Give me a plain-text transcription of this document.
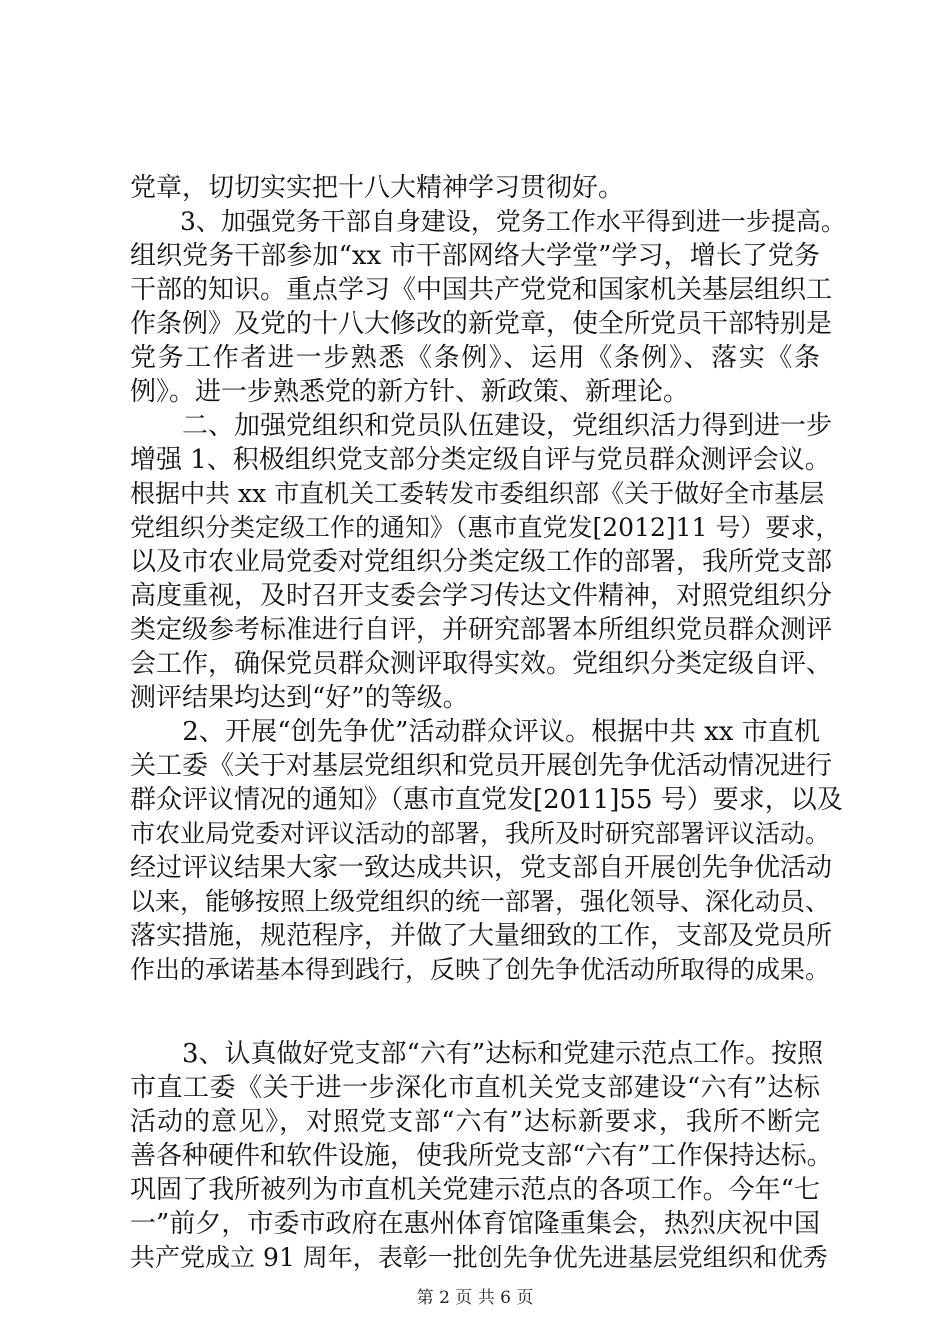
党章，切切实实把十八大精神学习贯彻好。
　　3、加强党务干部自身建设，党务工作水平得到进一步提高。
组织党务干部参加“xx 市干部网络大学堂”学习，增长了党务
干部的知识。重点学习《中国共产党党和国家机关基层组织工
作条例》及党的十八大修改的新党章，使全所党员干部特别是
党务工作者进一步熟悉《条例》、运用《条例》、落实《条
例》。进一步熟悉党的新方针、新政策、新理论。
　　二、加强党组织和党员队伍建设，党组织活力得到进一步
增强 1、积极组织党支部分类定级自评与党员群众测评会议。
根据中共 xx 市直机关工委转发市委组织部《关于做好全市基层
党组织分类定级工作的通知》（惠市直党发[2012]11 号）要求，
以及市农业局党委对党组织分类定级工作的部署，我所党支部
高度重视，及时召开支委会学习传达文件精神，对照党组织分
类定级参考标准进行自评，并研究部署本所组织党员群众测评
会工作，确保党员群众测评取得实效。党组织分类定级自评、
测评结果均达到“好”的等级。
　　2、开展“创先争优”活动群众评议。根据中共 xx 市直机
关工委《关于对基层党组织和党员开展创先争优活动情况进行
群众评议情况的通知》（惠市直党发[2011]55 号）要求，以及
市农业局党委对评议活动的部署，我所及时研究部署评议活动。
经过评议结果大家一致达成共识，党支部自开展创先争优活动
以来，能够按照上级党组织的统一部署，强化领导、深化动员、
落实措施，规范程序，并做了大量细致的工作，支部及党员所
作出的承诺基本得到践行，反映了创先争优活动所取得的成果。
　　3、认真做好党支部“六有”达标和党建示范点工作。按照
市直工委《关于进一步深化市直机关党支部建设“六有”达标
活动的意见》，对照党支部“六有”达标新要求，我所不断完
善各种硬件和软件设施，使我所党支部“六有”工作保持达标。
巩固了我所被列为市直机关党建示范点的各项工作。今年“七
一”前夕，市委市政府在惠州体育馆隆重集会，热烈庆祝中国
共产党成立 91 周年，表彰一批创先争优先进基层党组织和优秀
第 2 页 共 6 页
